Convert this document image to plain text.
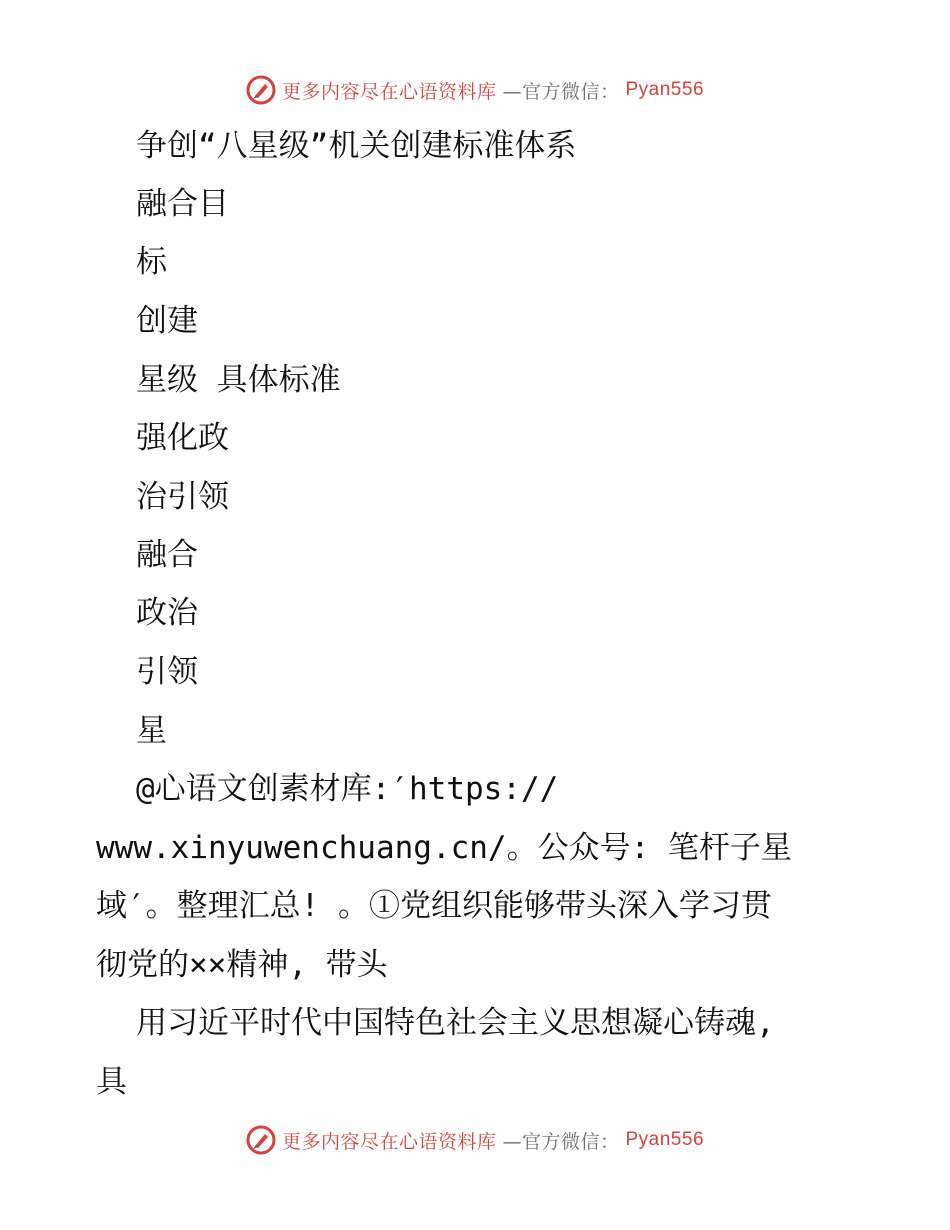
更多内容尽在心语资料库 —官方微信： Pyan556
争创“八星级”机关创建标准体系
融合目
标
创建
星级 具体标准
强化政
治引领
融合
政治
引领
星
@心语文创素材库:′https://
www.xinyuwenchuang.cn/。公众号: 笔杆子星
域′。整理汇总! 。①党组织能够带头深入学习贯
彻党的××精神, 带头
用习近平时代中国特色社会主义思想凝心铸魂,
具
更多内容尽在心语资料库 —官方微信： Pyan556
